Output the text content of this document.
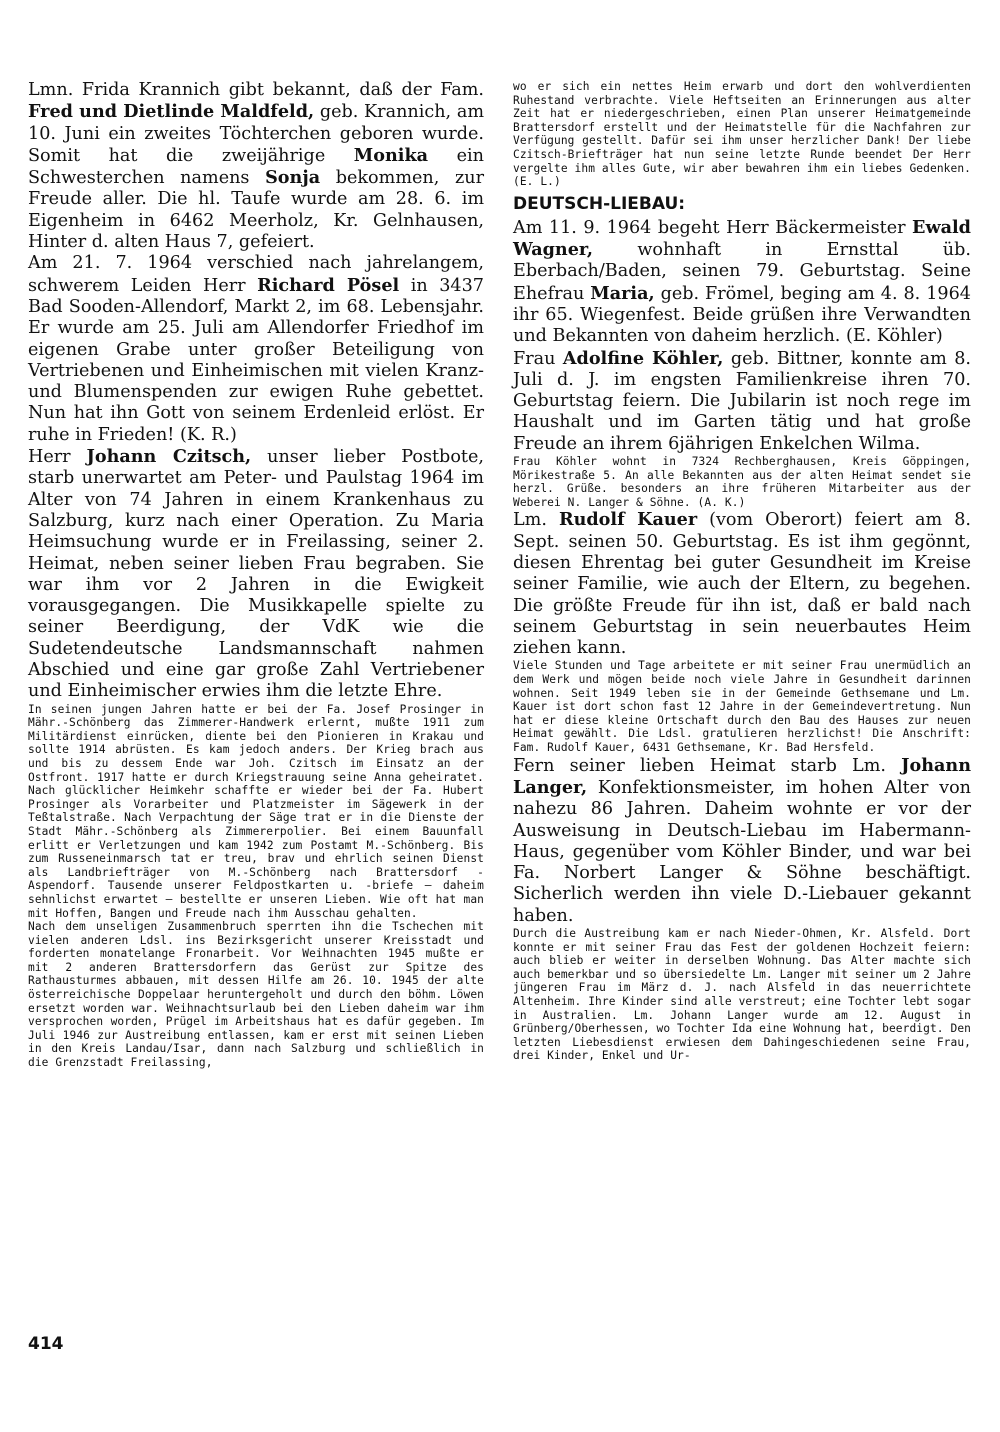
Lmn. Frida Krannich gibt bekannt, daß der Fam. Fred und Dietlinde Maldfeld, geb. Krannich, am 10. Juni ein zweites Töchterchen geboren wurde. Somit hat die zweijährige Monika ein Schwesterchen namens Sonja bekommen, zur Freude aller. Die hl. Taufe wurde am 28. 6. im Eigenheim in 6462 Meerholz, Kr. Gelnhausen, Hinter d. alten Haus 7, gefeiert.

Am 21. 7. 1964 verschied nach jahrelangem, schwerem Leiden Herr Richard Pösel in 3437 Bad Sooden-Allendorf, Markt 2, im 68. Lebensjahr. Er wurde am 25. Juli am Allendorfer Friedhof im eigenen Grabe unter großer Beteiligung von Vertriebenen und Einheimischen mit vielen Kranz- und Blumenspenden zur ewigen Ruhe gebettet. Nun hat ihn Gott von seinem Erdenleid erlöst. Er ruhe in Frieden! (K. R.)

Herr Johann Czitsch, unser lieber Postbote, starb unerwartet am Peter- und Paulstag 1964 im Alter von 74 Jahren in einem Krankenhaus zu Salzburg, kurz nach einer Operation. Zu Maria Heimsuchung wurde er in Freilassing, seiner 2. Heimat, neben seiner lieben Frau begraben. Sie war ihm vor 2 Jahren in die Ewigkeit vorausgegangen. Die Musikkapelle spielte zu seiner Beerdigung, der VdK wie die Sudetendeutsche Landsmannschaft nahmen Abschied und eine gar große Zahl Vertriebener und Einheimischer erwies ihm die letzte Ehre.

In seinen jungen Jahren hatte er bei der Fa. Josef Prosinger in Mähr.-Schönberg das Zimmerer-Handwerk erlernt, mußte 1911 zum Militärdienst einrücken, diente bei den Pionieren in Krakau und sollte 1914 abrüsten. Es kam jedoch anders. Der Krieg brach aus und bis zu dessem Ende war Joh. Czitsch im Einsatz an der Ostfront. 1917 hatte er durch Kriegstrauung seine Anna geheiratet. Nach glücklicher Heimkehr schaffte er wieder bei der Fa. Hubert Prosinger als Vorarbeiter und Platzmeister im Sägewerk in der Teßtalstraße. Nach Verpachtung der Säge trat er in die Dienste der Stadt Mähr.-Schönberg als Zimmererpolier. Bei einem Bauunfall erlitt er Verletzungen und kam 1942 zum Postamt M.-Schönberg. Bis zum Russeneinmarsch tat er treu, brav und ehrlich seinen Dienst als Landbriefträger von M.-Schönberg nach Brattersdorf - Aspendorf. Tausende unserer Feldpostkarten u. -briefe — daheim sehnlichst erwartet — bestellte er unseren Lieben. Wie oft hat man mit Hoffen, Bangen und Freude nach ihm Ausschau gehalten.

Nach dem unseligen Zusammenbruch sperrten ihn die Tschechen mit vielen anderen Ldsl. ins Bezirksgericht unserer Kreisstadt und forderten monatelange Fronarbeit. Vor Weihnachten 1945 mußte er mit 2 anderen Brattersdorfern das Gerüst zur Spitze des Rathausturmes abbauen, mit dessen Hilfe am 26. 10. 1945 der alte österreichische Doppelaar heruntergeholt und durch den böhm. Löwen ersetzt worden war. Weihnachtsurlaub bei den Lieben daheim war ihm versprochen worden, Prügel im Arbeitshaus hat es dafür gegeben. Im Juli 1946 zur Austreibung entlassen, kam er erst mit seinen Lieben in den Kreis Landau/Isar, dann nach Salzburg und schließlich in die Grenzstadt Freilassing,

wo er sich ein nettes Heim erwarb und dort den wohlverdienten Ruhestand verbrachte. Viele Heftseiten an Erinnerungen aus alter Zeit hat er niedergeschrieben, einen Plan unserer Heimatgemeinde Brattersdorf erstellt und der Heimatstelle für die Nachfahren zur Verfügung gestellt. Dafür sei ihm unser herzlicher Dank! Der liebe Czitsch-Briefträger hat nun seine letzte Runde beendet Der Herr vergelte ihm alles Gute, wir aber bewahren ihm ein liebes Gedenken. (E. L.)

DEUTSCH-LIEBAU:

Am 11. 9. 1964 begeht Herr Bäckermeister Ewald Wagner, wohnhaft in Ernsttal üb. Eberbach/Baden, seinen 79. Geburtstag. Seine Ehefrau Maria, geb. Frömel, beging am 4. 8. 1964 ihr 65. Wiegenfest. Beide grüßen ihre Verwandten und Bekannten von daheim herzlich. (E. Köhler)

Frau Adolfine Köhler, geb. Bittner, konnte am 8. Juli d. J. im engsten Familienkreise ihren 70. Geburtstag feiern. Die Jubilarin ist noch rege im Haushalt und im Garten tätig und hat große Freude an ihrem 6jährigen Enkelchen Wilma.

Frau Köhler wohnt in 7324 Rechberghausen, Kreis Göppingen, Mörikestraße 5. An alle Bekannten aus der alten Heimat sendet sie herzl. Grüße. besonders an ihre früheren Mitarbeiter aus der Weberei N. Langer & Söhne. (A. K.)

Lm. Rudolf Kauer (vom Oberort) feiert am 8. Sept. seinen 50. Geburtstag. Es ist ihm gegönnt, diesen Ehrentag bei guter Gesundheit im Kreise seiner Familie, wie auch der Eltern, zu begehen. Die größte Freude für ihn ist, daß er bald nach seinem Geburtstag in sein neuerbautes Heim ziehen kann.

Viele Stunden und Tage arbeitete er mit seiner Frau unermüdlich an dem Werk und mögen beide noch viele Jahre in Gesundheit darinnen wohnen. Seit 1949 leben sie in der Gemeinde Gethsemane und Lm. Kauer ist dort schon fast 12 Jahre in der Gemeindevertretung. Nun hat er diese kleine Ortschaft durch den Bau des Hauses zur neuen Heimat gewählt. Die Ldsl. gratulieren herzlichst! Die Anschrift: Fam. Rudolf Kauer, 6431 Gethsemane, Kr. Bad Hersfeld.

Fern seiner lieben Heimat starb Lm. Johann Langer, Konfektionsmeister, im hohen Alter von nahezu 86 Jahren. Daheim wohnte er vor der Ausweisung in Deutsch-Liebau im Habermann-Haus, gegenüber vom Köhler Binder, und war bei Fa. Norbert Langer & Söhne beschäftigt. Sicherlich werden ihn viele D.-Liebauer gekannt haben.

Durch die Austreibung kam er nach Nieder-Ohmen, Kr. Alsfeld. Dort konnte er mit seiner Frau das Fest der goldenen Hochzeit feiern: auch blieb er weiter in derselben Wohnung. Das Alter machte sich auch bemerkbar und so übersiedelte Lm. Langer mit seiner um 2 Jahre jüngeren Frau im März d. J. nach Alsfeld in das neuerrichtete Altenheim. Ihre Kinder sind alle verstreut; eine Tochter lebt sogar in Australien. Lm. Johann Langer wurde am 12. August in Grünberg/Oberhessen, wo Tochter Ida eine Wohnung hat, beerdigt. Den letzten Liebesdienst erwiesen dem Dahingeschiedenen seine Frau, drei Kinder, Enkel und Ur-

414
